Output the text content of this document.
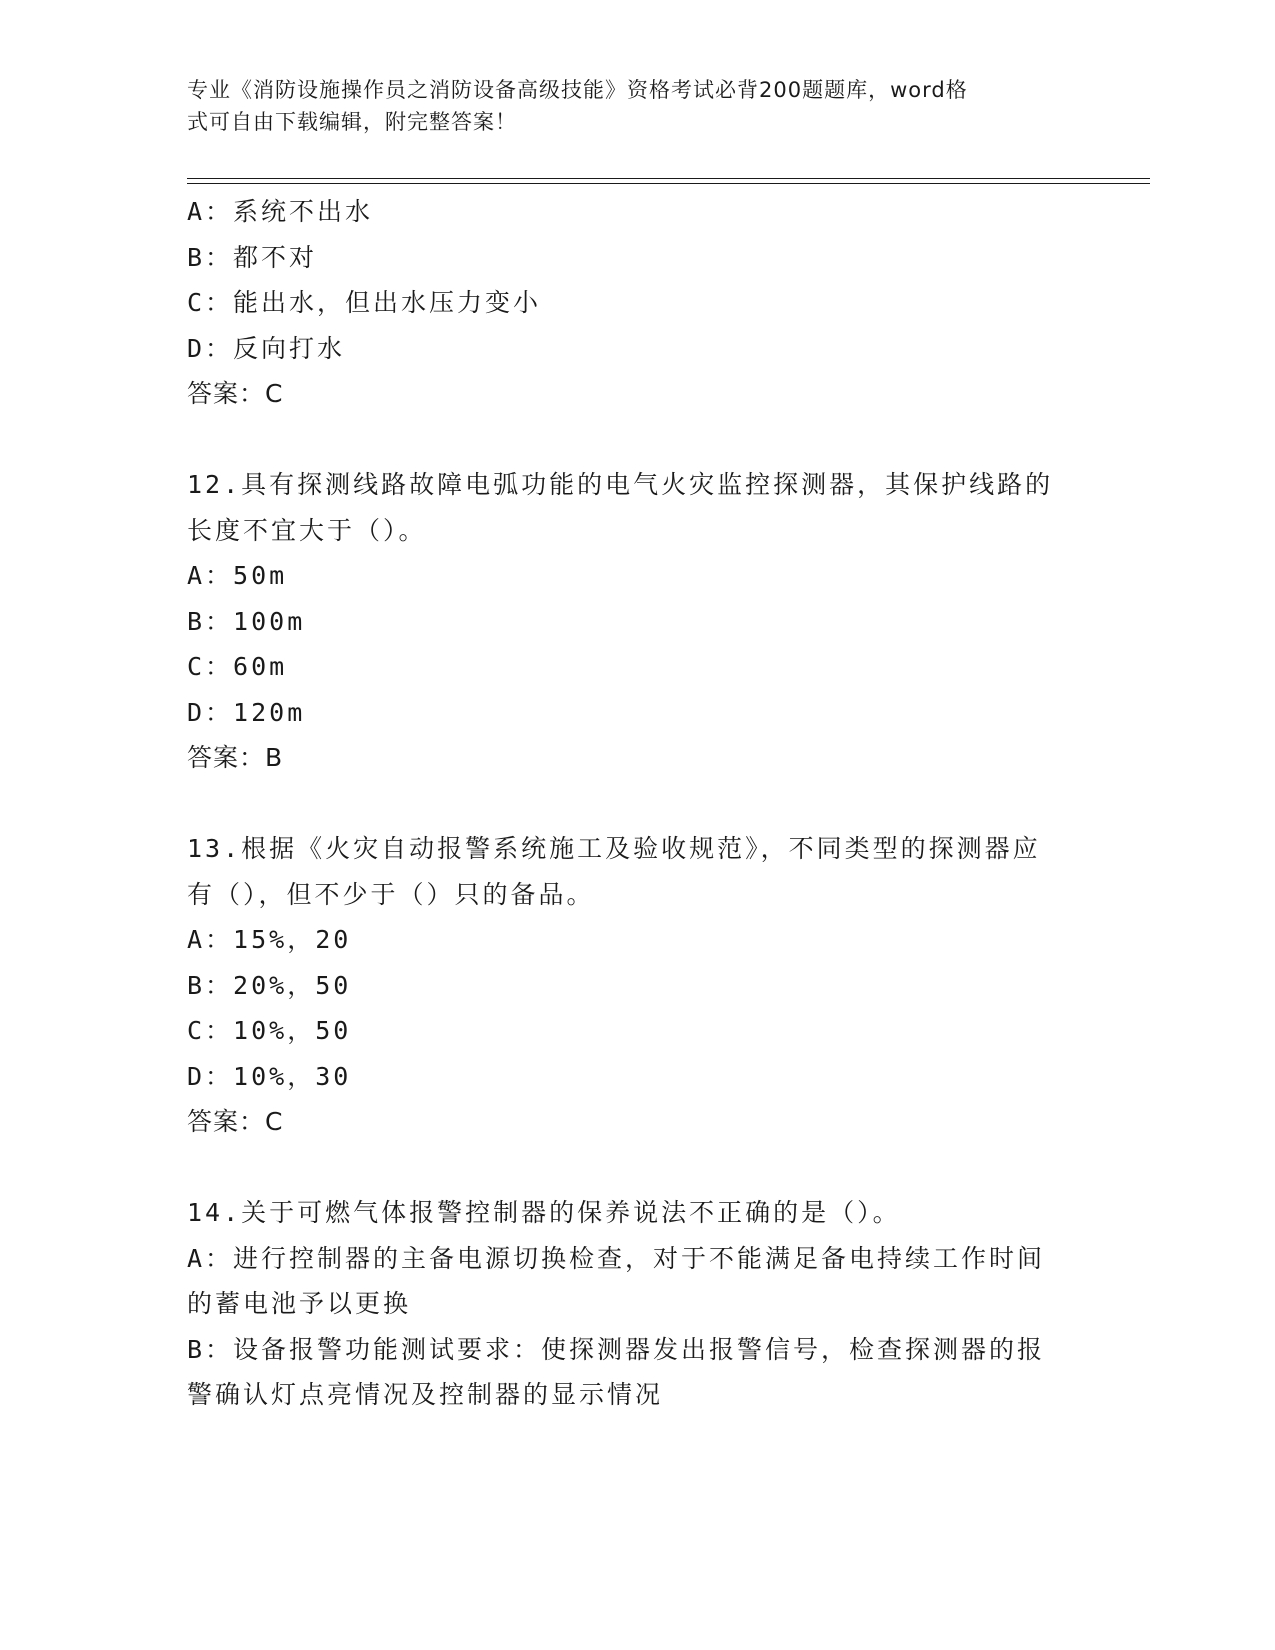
专业《消防设施操作员之消防设备高级技能》资格考试必背200题题库，word格
式可自由下载编辑，附完整答案！
A：系统不出水
B：都不对
C：能出水，但出水压力变小
D：反向打水
答案：C
12.具有探测线路故障电弧功能的电气火灾监控探测器，其保护线路的
长度不宜大于（）。
A：50m
B：100m
C：60m
D：120m
答案：B
13.根据《火灾自动报警系统施工及验收规范》，不同类型的探测器应
有（），但不少于（）只的备品。
A：15%，20
B：20%，50
C：10%，50
D：10%，30
答案：C
14.关于可燃气体报警控制器的保养说法不正确的是（）。
A：进行控制器的主备电源切换检查，对于不能满足备电持续工作时间
的蓄电池予以更换
B：设备报警功能测试要求：使探测器发出报警信号，检查探测器的报
警确认灯点亮情况及控制器的显示情况
